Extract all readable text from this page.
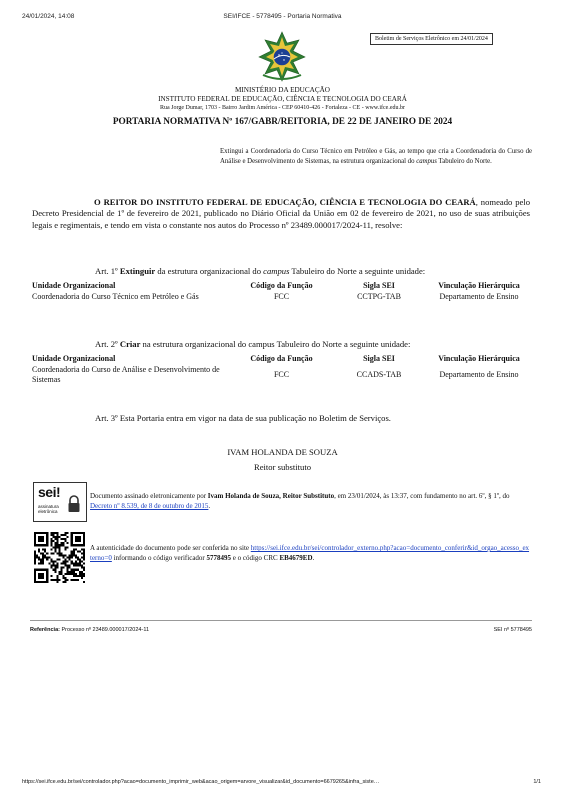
24/01/2024, 14:08	SEI/IFCE - 5778495 - Portaria Normativa
Boletim de Serviços Eletrônico em 24/01/2024
MINISTÉRIO DA EDUCAÇÃO
INSTITUTO FEDERAL DE EDUCAÇÃO, CIÊNCIA E TECNOLOGIA DO CEARÁ
Rua Jorge Dumar, 1703 - Bairro Jardim América - CEP 60410-426 - Fortaleza - CE - www.ifce.edu.br
PORTARIA NORMATIVA Nº 167/GABR/REITORIA, DE 22 DE JANEIRO DE 2024
Extingui a Coordenadoria do Curso Técnico em Petróleo e Gás, ao tempo que cria a Coordenadoria do Curso de Análise e Desenvolvimento de Sistemas, na estrutura organizacional do campus Tabuleiro do Norte.
O REITOR DO INSTITUTO FEDERAL DE EDUCAÇÃO, CIÊNCIA E TECNOLOGIA DO CEARÁ, nomeado pelo Decreto Presidencial de 1º de fevereiro de 2021, publicado no Diário Oficial da União em 02 de fevereiro de 2021, no uso de suas atribuições legais e regimentais, e tendo em vista o constante nos autos do Processo nº 23489.000017/2024-11, resolve:
Art. 1º Extinguir da estrutura organizacional do campus Tabuleiro do Norte a seguinte unidade:
Unidade Organizacional	Código da Função	Sigla SEI	Vinculação Hierárquica
Coordenadoria do Curso Técnico em Petróleo e Gás	FCC	CCTPG-TAB	Departamento de Ensino
Art. 2º Criar na estrutura organizacional do campus Tabuleiro do Norte a seguinte unidade:
Unidade Organizacional	Código da Função	Sigla SEI	Vinculação Hierárquica
Coordenadoria do Curso de Análise e Desenvolvimento de Sistemas	FCC	CCADS-TAB	Departamento de Ensino
Art. 3º Esta Portaria entra em vigor na data de sua publicação no Boletim de Serviços.
IVAM HOLANDA DE SOUZA
Reitor substituto
sei!
assinatura
eletrônica
Documento assinado eletronicamente por Ivam Holanda de Souza, Reitor Substituto, em 23/01/2024, às 13:37, com fundamento no art. 6º, § 1º, do Decreto nº 8.539, de 8 de outubro de 2015.
A autenticidade do documento pode ser conferida no site https://sei.ifce.edu.br/sei/controlador_externo.php?acao=documento_conferir&id_orgao_acesso_externo=0 informando o código verificador 5778495 e o código CRC EB4679ED.
Referência: Processo nº 23489.000017/2024-11	SEI nº 5778495
https://sei.ifce.edu.br/sei/controlador.php?acao=documento_imprimir_web&acao_origem=arvore_visualizar&id_documento=6679265&infra_siste…	1/1
